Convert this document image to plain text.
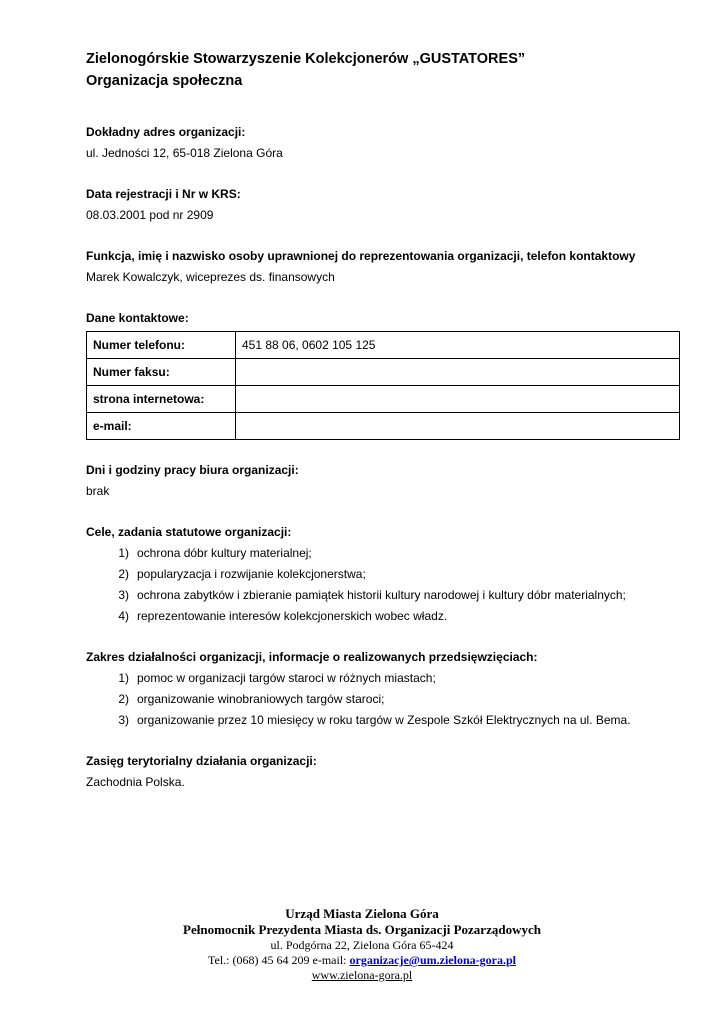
Zielonogórskie Stowarzyszenie Kolekcjonerów „GUSTATORES”
Organizacja społeczna

Dokładny adres organizacji:

ul. Jedności 12, 65-018 Zielona Góra

Data rejestracji i Nr w KRS:

08.03.2001 pod nr 2909

Funkcja, imię i nazwisko osoby uprawnionej do reprezentowania organizacji, telefon kontaktowy

Marek Kowalczyk, wiceprezes ds. finansowych

Dane kontaktowe:

Numer telefonu:	451 88 06, 0602 105 125
Numer faksu:	
strona internetowa:	
e-mail:	

Dni i godziny pracy biura organizacji:

brak

Cele, zadania statutowe organizacji:

1) ochrona dóbr kultury materialnej;
2) popularyzacja i rozwijanie kolekcjonerstwa;
3) ochrona zabytków i zbieranie pamiątek historii kultury narodowej i kultury dóbr materialnych;
4) reprezentowanie interesów kolekcjonerskich wobec władz.

Zakres działalności organizacji, informacje o realizowanych przedsięwzięciach:

1) pomoc w organizacji targów staroci w różnych miastach;
2) organizowanie winobraniowych targów staroci;
3) organizowanie przez 10 miesięcy w roku targów w Zespole Szkół Elektrycznych na ul. Bema.

Zasięg terytorialny działania organizacji:

Zachodnia Polska.

Urząd Miasta Zielona Góra
Pełnomocnik Prezydenta Miasta ds. Organizacji Pozarządowych
ul. Podgórna 22, Zielona Góra 65-424
Tel.: (068) 45 64 209 e-mail: organizacje@um.zielona-gora.pl
www.zielona-gora.pl
